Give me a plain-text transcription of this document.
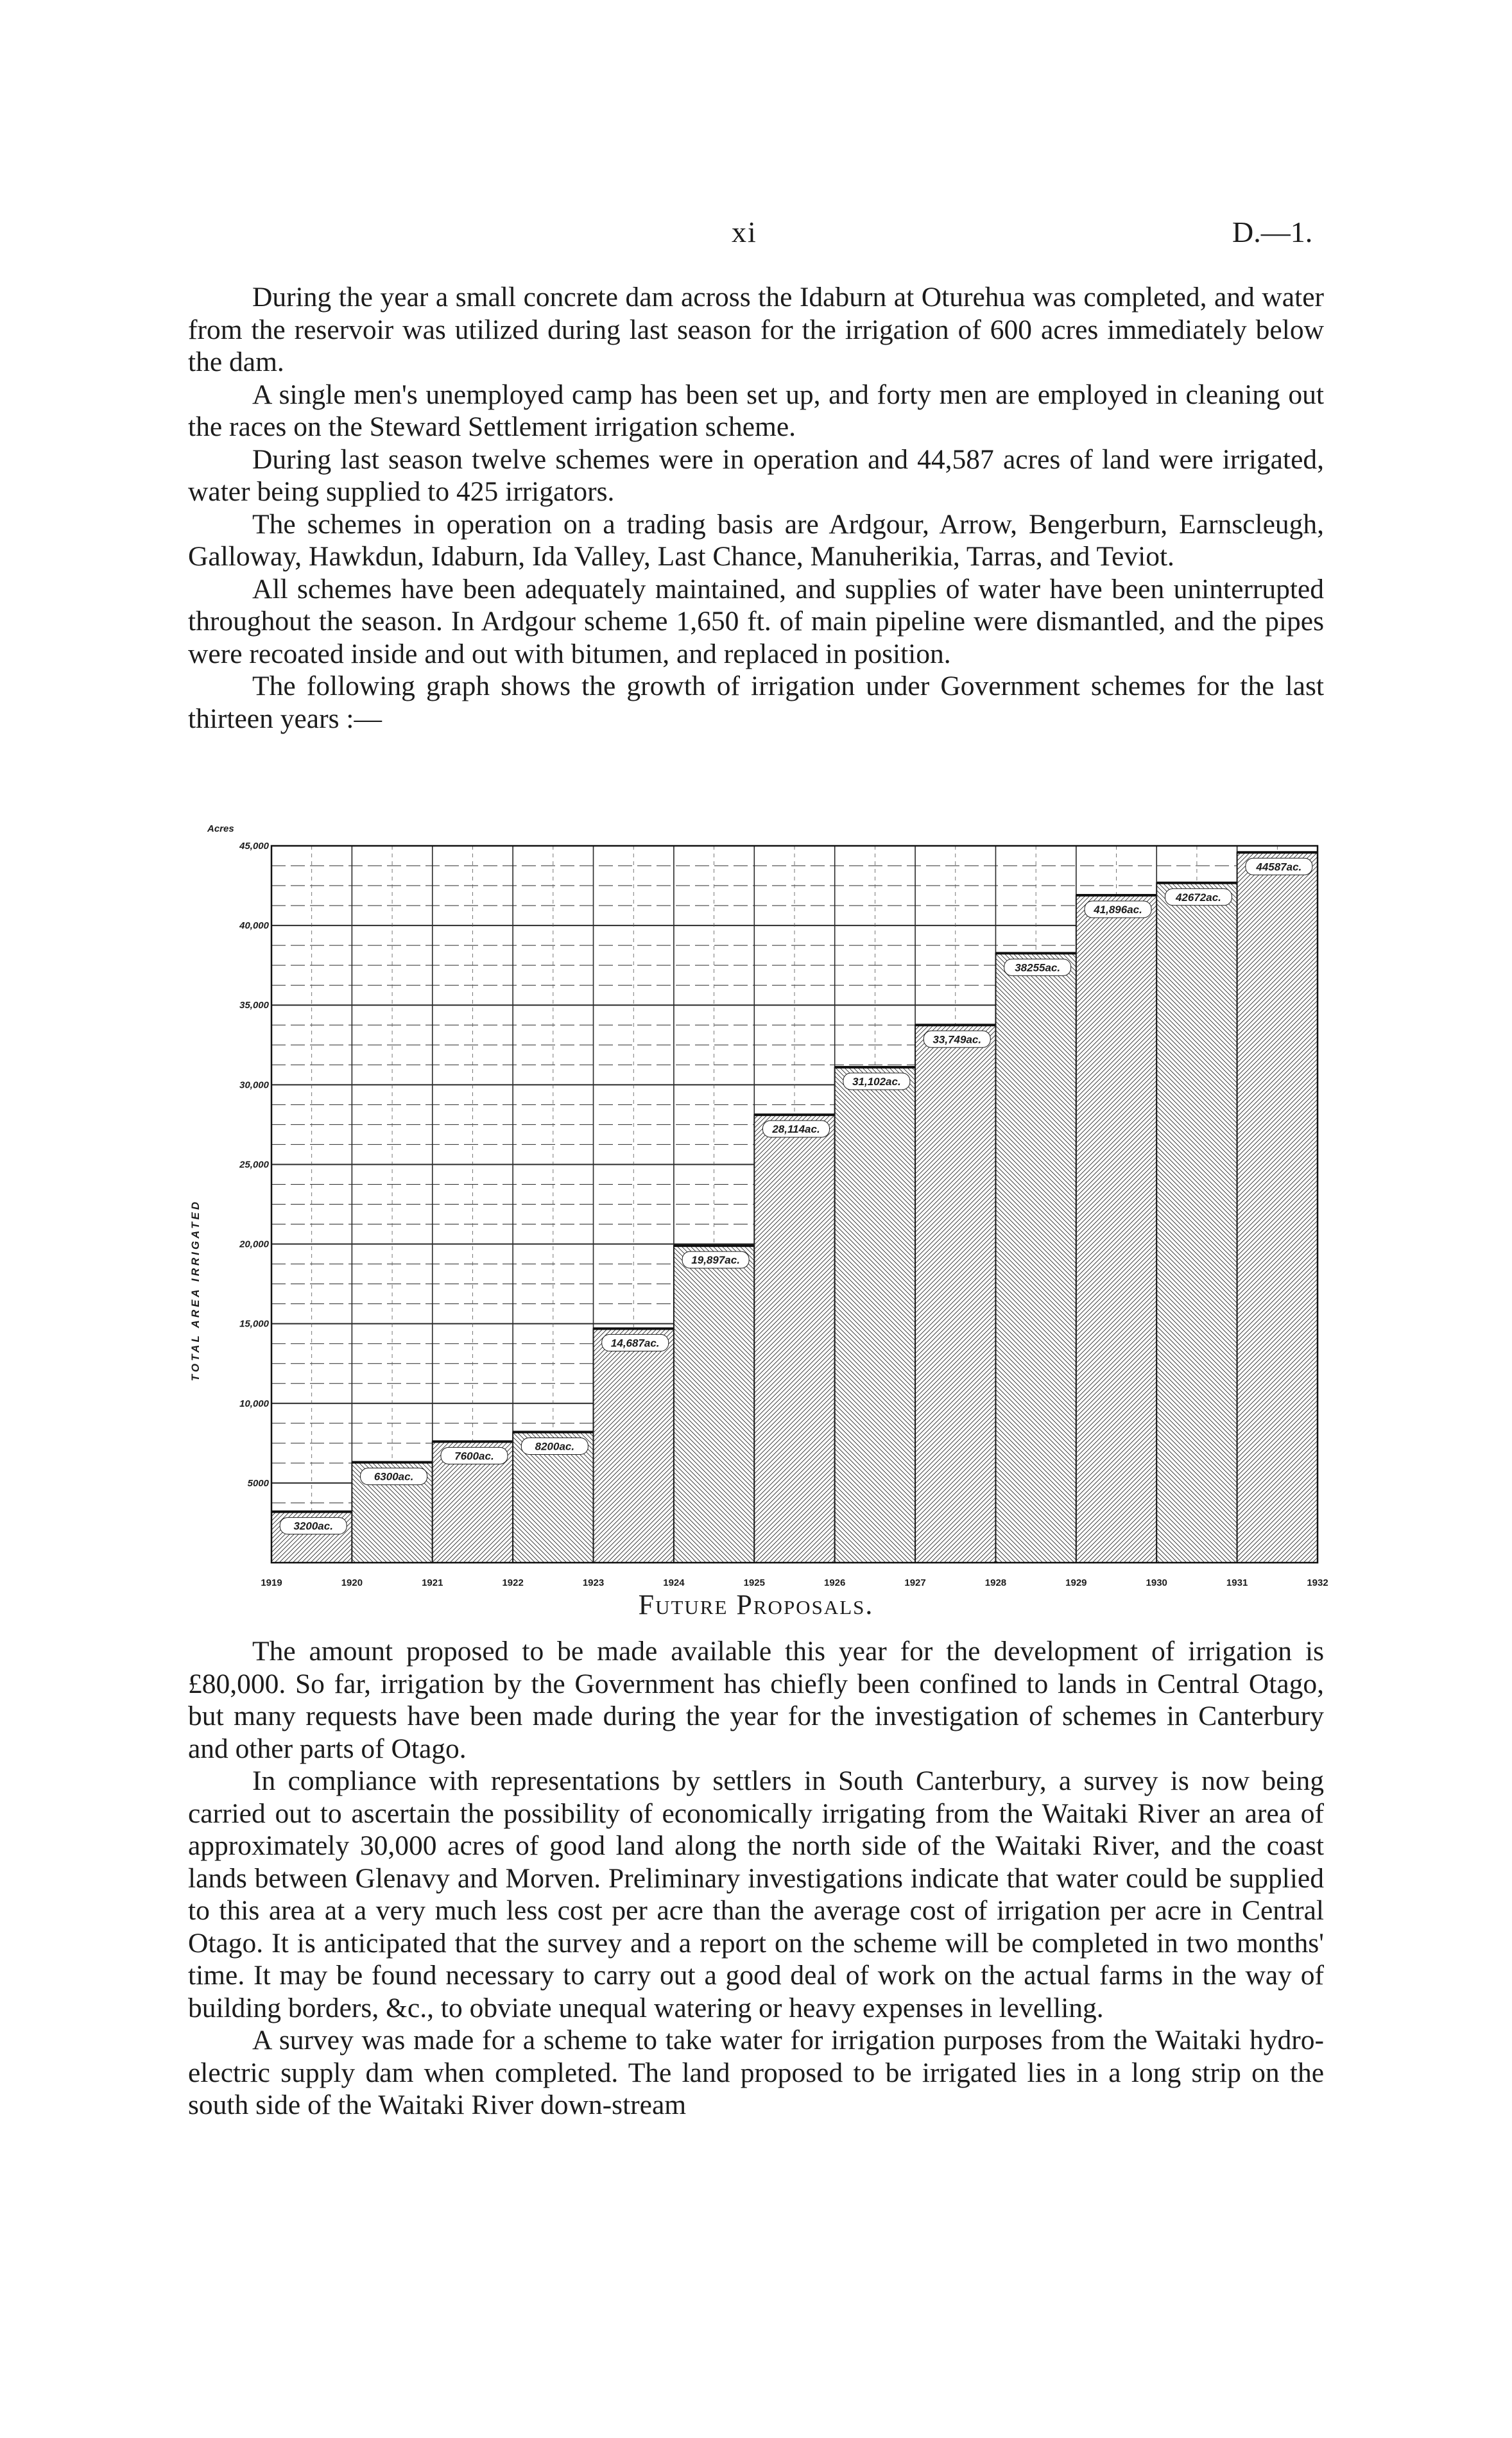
xi	D.—1.

During the year a small concrete dam across the Idaburn at Oturehua was completed, and water from the reservoir was utilized during last season for the irrigation of 600 acres immediately below the dam.

A single men's unemployed camp has been set up, and forty men are employed in cleaning out the races on the Steward Settlement irrigation scheme.

During last season twelve schemes were in operation and 44,587 acres of land were irrigated, water being supplied to 425 irrigators.

The schemes in operation on a trading basis are Ardgour, Arrow, Bengerburn, Earnscleugh, Galloway, Hawkdun, Idaburn, Ida Valley, Last Chance, Manuherikia, Tarras, and Teviot.

All schemes have been adequately maintained, and supplies of water have been uninterrupted throughout the season. In Ardgour scheme 1,650 ft. of main pipeline were dismantled, and the pipes were recoated inside and out with bitumen, and replaced in position.

The following graph shows the growth of irrigation under Government schemes for the last thirteen years :—

3200ac.
6300ac.
7600ac.
8200ac.
14,687ac.
19,897ac.
28,114ac.
31,102ac.
33,749ac.
38255ac.
41,896ac.
42672ac.
44587ac.
5000
10,000
15,000
20,000
25,000
30,000
35,000
40,000
45,000
Acres
1919	1920	1921	1922	1923	1924	1925	1926	1927	1928	1929	1930	1931	1932
TOTAL AREA IRRIGATED
Future Proposals.

The amount proposed to be made available this year for the development of irrigation is £80,000. So far, irrigation by the Government has chiefly been confined to lands in Central Otago, but many requests have been made during the year for the investigation of schemes in Canterbury and other parts of Otago.

In compliance with representations by settlers in South Canterbury, a survey is now being carried out to ascertain the possibility of economically irrigating from the Waitaki River an area of approximately 30,000 acres of good land along the north side of the Waitaki River, and the coast lands between Glenavy and Morven. Preliminary investigations indicate that water could be supplied to this area at a very much less cost per acre than the average cost of irrigation per acre in Central Otago. It is anticipated that the survey and a report on the scheme will be completed in two months' time. It may be found necessary to carry out a good deal of work on the actual farms in the way of building borders, &c., to obviate unequal watering or heavy expenses in levelling.

A survey was made for a scheme to take water for irrigation purposes from the Waitaki hydro-electric supply dam when completed. The land proposed to be irrigated lies in a long strip on the south side of the Waitaki River down-stream
